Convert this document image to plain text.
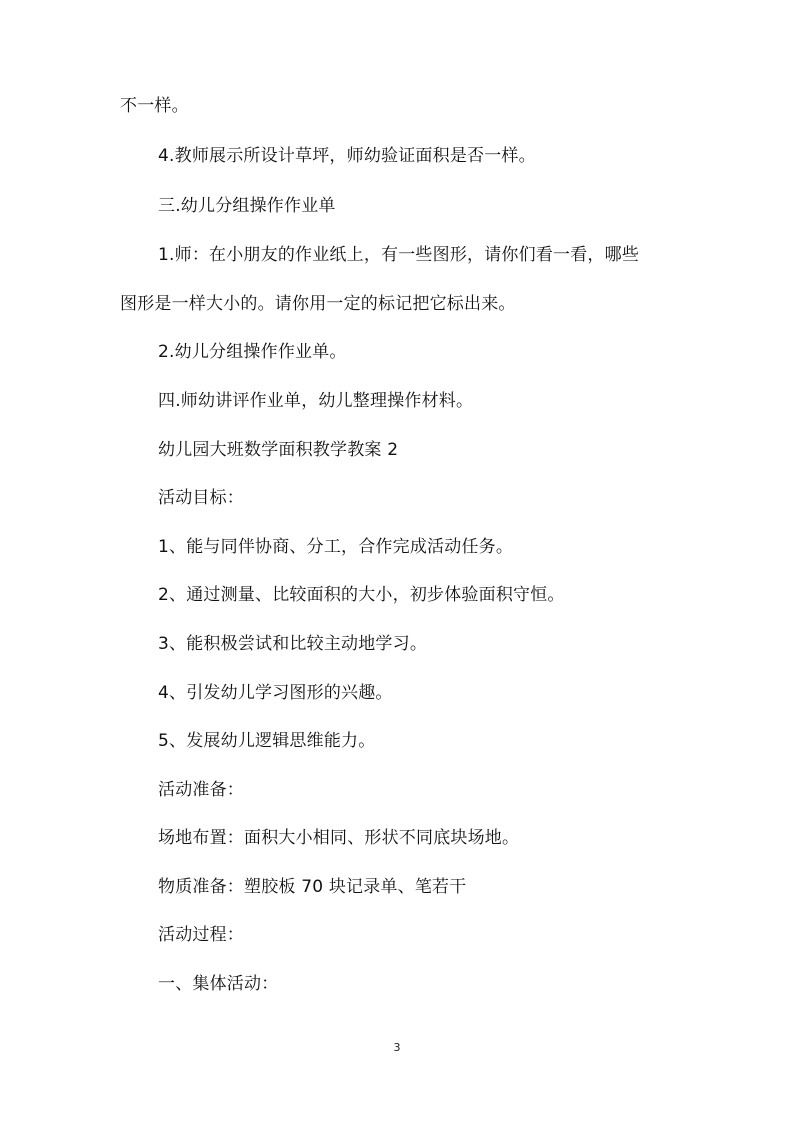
不一样。
4.教师展示所设计草坪，师幼验证面积是否一样。
三.幼儿分组操作作业单
1.师：在小朋友的作业纸上，有一些图形，请你们看一看，哪些
图形是一样大小的。请你用一定的标记把它标出来。
2.幼儿分组操作作业单。
四.师幼讲评作业单，幼儿整理操作材料。
幼儿园大班数学面积教学教案 2
活动目标：
1、能与同伴协商、分工，合作完成活动任务。
2、通过测量、比较面积的大小，初步体验面积守恒。
3、能积极尝试和比较主动地学习。
4、引发幼儿学习图形的兴趣。
5、发展幼儿逻辑思维能力。
活动准备：
场地布置：面积大小相同、形状不同底块场地。
物质准备：塑胶板 70 块记录单、笔若干
活动过程：
一、集体活动：
3
